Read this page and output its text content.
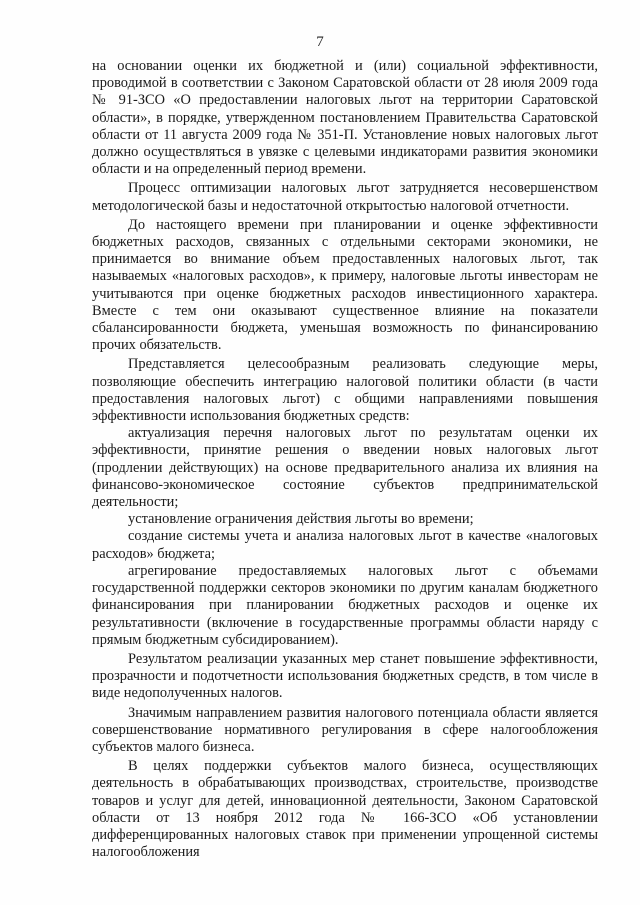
7

на основании оценки их бюджетной и (или) социальной эффективности, проводимой в соответствии с Законом Саратовской области от 28 июля 2009 года № 91-ЗСО «О предоставлении налоговых льгот на территории Саратовской области», в порядке, утвержденном постановлением Правительства Саратовской области от 11 августа 2009 года № 351-П. Установление новых налоговых льгот должно осуществляться в увязке с целевыми индикаторами развития экономики области и на определенный период времени.

Процесс оптимизации налоговых льгот затрудняется несовершенством методологической базы и недостаточной открытостью налоговой отчетности.

До настоящего времени при планировании и оценке эффективности бюджетных расходов, связанных с отдельными секторами экономики, не принимается во внимание объем предоставленных налоговых льгот, так называемых «налоговых расходов», к примеру, налоговые льготы инвесторам не учитываются при оценке бюджетных расходов инвестиционного характера. Вместе с тем они оказывают существенное влияние на показатели сбалансированности бюджета, уменьшая возможность по финансированию прочих обязательств.

Представляется целесообразным реализовать следующие меры, позволяющие обеспечить интеграцию налоговой политики области (в части предоставления налоговых льгот) с общими направлениями повышения эффективности использования бюджетных средств:

актуализация перечня налоговых льгот по результатам оценки их эффективности, принятие решения о введении новых налоговых льгот (продлении действующих) на основе предварительного анализа их влияния на финансово-экономическое состояние субъектов предпринимательской деятельности;

установление ограничения действия льготы во времени;

создание системы учета и анализа налоговых льгот в качестве «налоговых расходов» бюджета;

агрегирование предоставляемых налоговых льгот с объемами государственной поддержки секторов экономики по другим каналам бюджетного финансирования при планировании бюджетных расходов и оценке их результативности (включение в государственные программы области наряду с прямым бюджетным субсидированием).

Результатом реализации указанных мер станет повышение эффективности, прозрачности и подотчетности использования бюджетных средств, в том числе в виде недополученных налогов.

Значимым направлением развития налогового потенциала области является совершенствование нормативного регулирования в сфере налогообложения субъектов малого бизнеса.

В целях поддержки субъектов малого бизнеса, осуществляющих деятельность в обрабатывающих производствах, строительстве, производстве товаров и услуг для детей, инновационной деятельности, Законом Саратовской области от 13 ноября 2012 года № 166-ЗСО «Об установлении дифференцированных налоговых ставок при применении упрощенной системы налогообложения
